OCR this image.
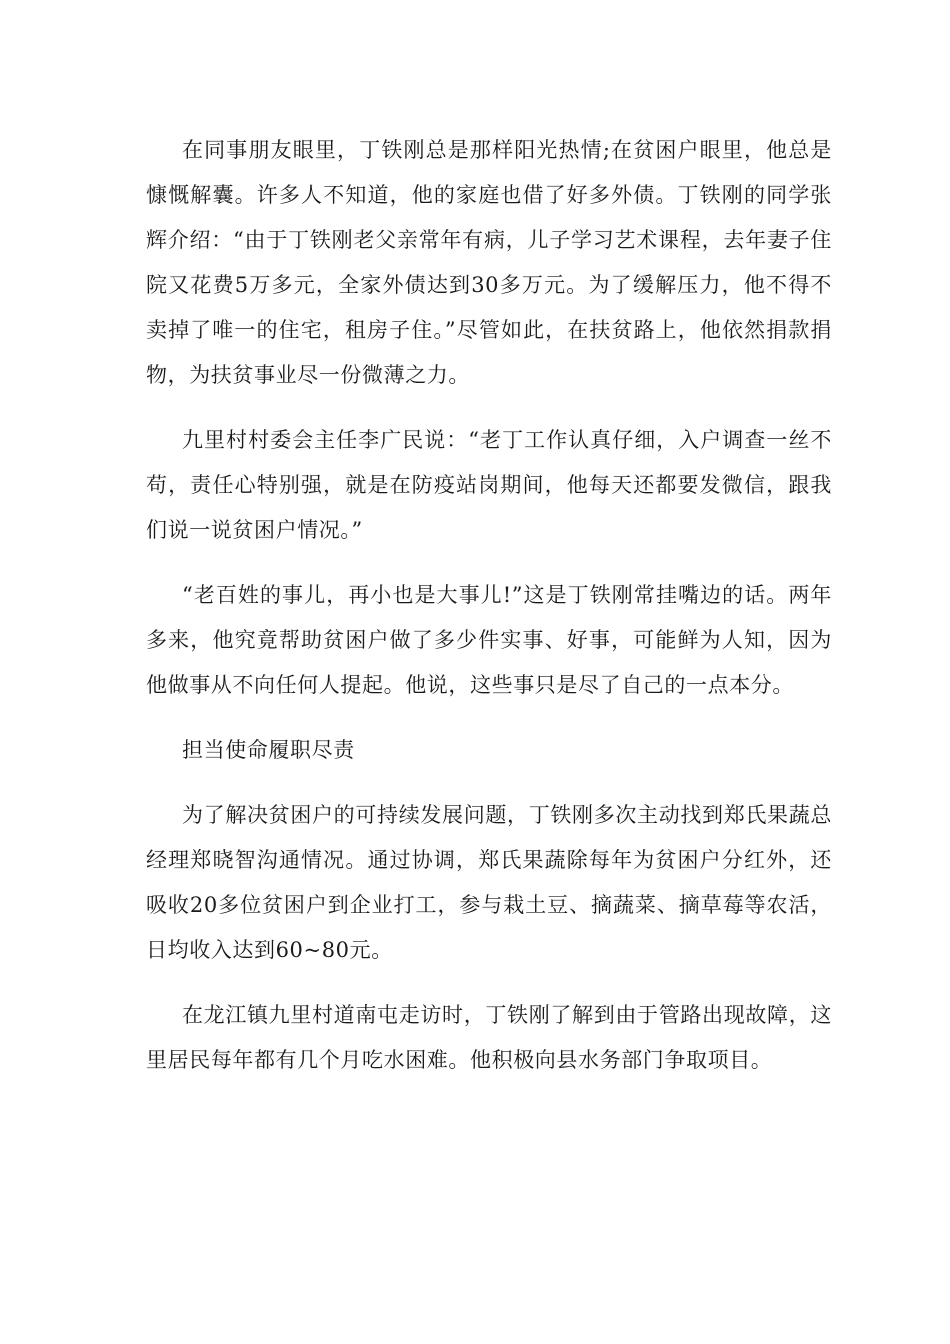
在同事朋友眼里，丁铁刚总是那样阳光热情;在贫困户眼里，他总是慷慨解囊。许多人不知道，他的家庭也借了好多外债。丁铁刚的同学张辉介绍：“由于丁铁刚老父亲常年有病，儿子学习艺术课程，去年妻子住院又花费5万多元，全家外债达到30多万元。为了缓解压力，他不得不卖掉了唯一的住宅，租房子住。”尽管如此，在扶贫路上，他依然捐款捐物，为扶贫事业尽一份微薄之力。

九里村村委会主任李广民说：“老丁工作认真仔细，入户调查一丝不苟，责任心特别强，就是在防疫站岗期间，他每天还都要发微信，跟我们说一说贫困户情况。”

“老百姓的事儿，再小也是大事儿!”这是丁铁刚常挂嘴边的话。两年多来，他究竟帮助贫困户做了多少件实事、好事，可能鲜为人知，因为他做事从不向任何人提起。他说，这些事只是尽了自己的一点本分。

担当使命履职尽责

为了解决贫困户的可持续发展问题，丁铁刚多次主动找到郑氏果蔬总经理郑晓智沟通情况。通过协调，郑氏果蔬除每年为贫困户分红外，还吸收20多位贫困户到企业打工，参与栽土豆、摘蔬菜、摘草莓等农活，日均收入达到60~80元。

在龙江镇九里村道南屯走访时，丁铁刚了解到由于管路出现故障，这里居民每年都有几个月吃水困难。他积极向县水务部门争取项目。
